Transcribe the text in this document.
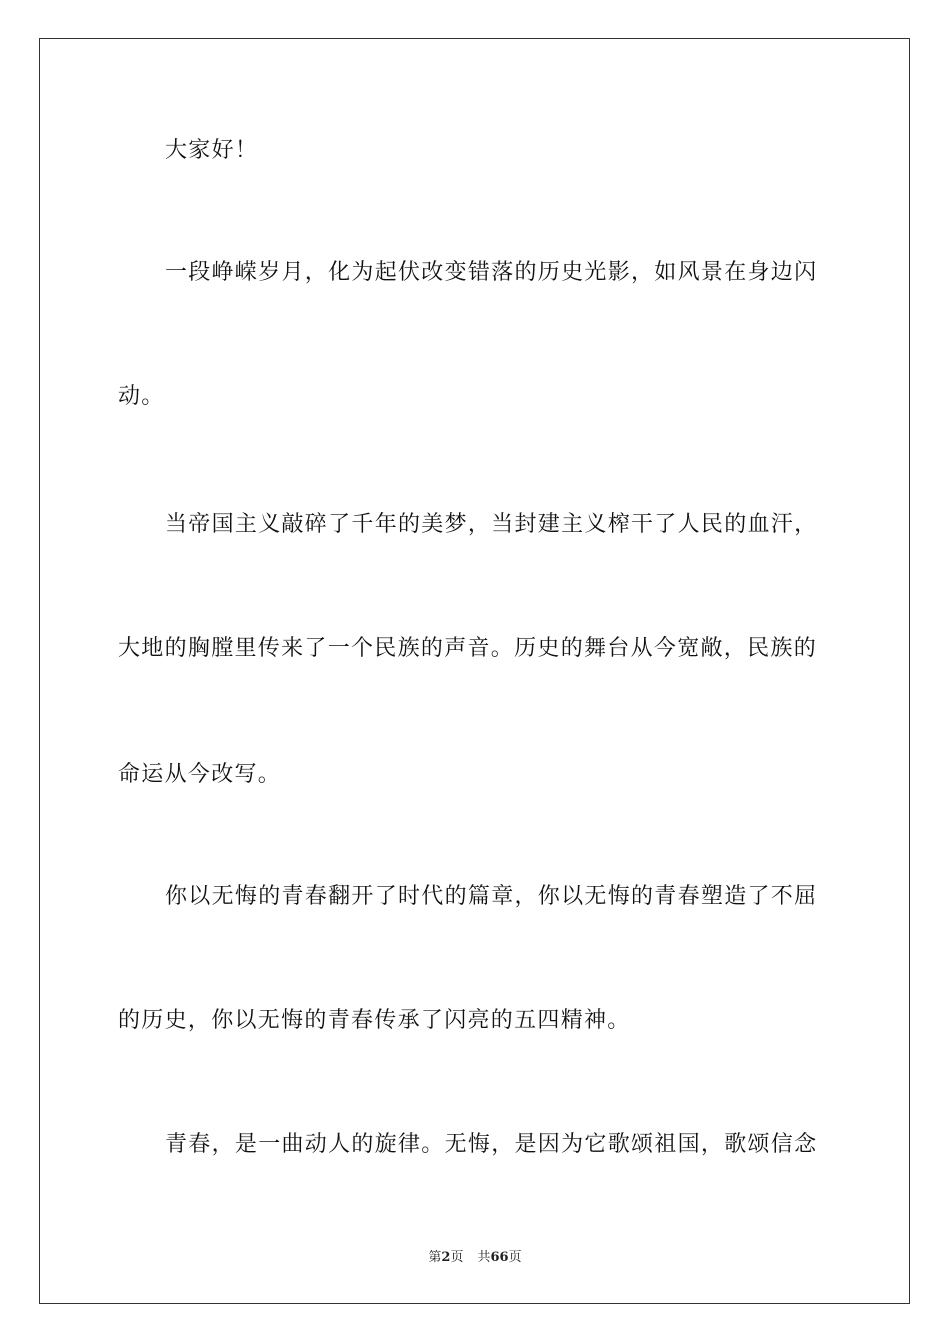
大家好！
一段峥嵘岁月，化为起伏改变错落的历史光影，如风景在身边闪
动。
当帝国主义敲碎了千年的美梦，当封建主义榨干了人民的血汗，
大地的胸膛里传来了一个民族的声音。历史的舞台从今宽敞，民族的
命运从今改写。
你以无悔的青春翻开了时代的篇章，你以无悔的青春塑造了不屈
的历史，你以无悔的青春传承了闪亮的五四精神。
青春，是一曲动人的旋律。无悔，是因为它歌颂祖国，歌颂信念
第2页 共66页
